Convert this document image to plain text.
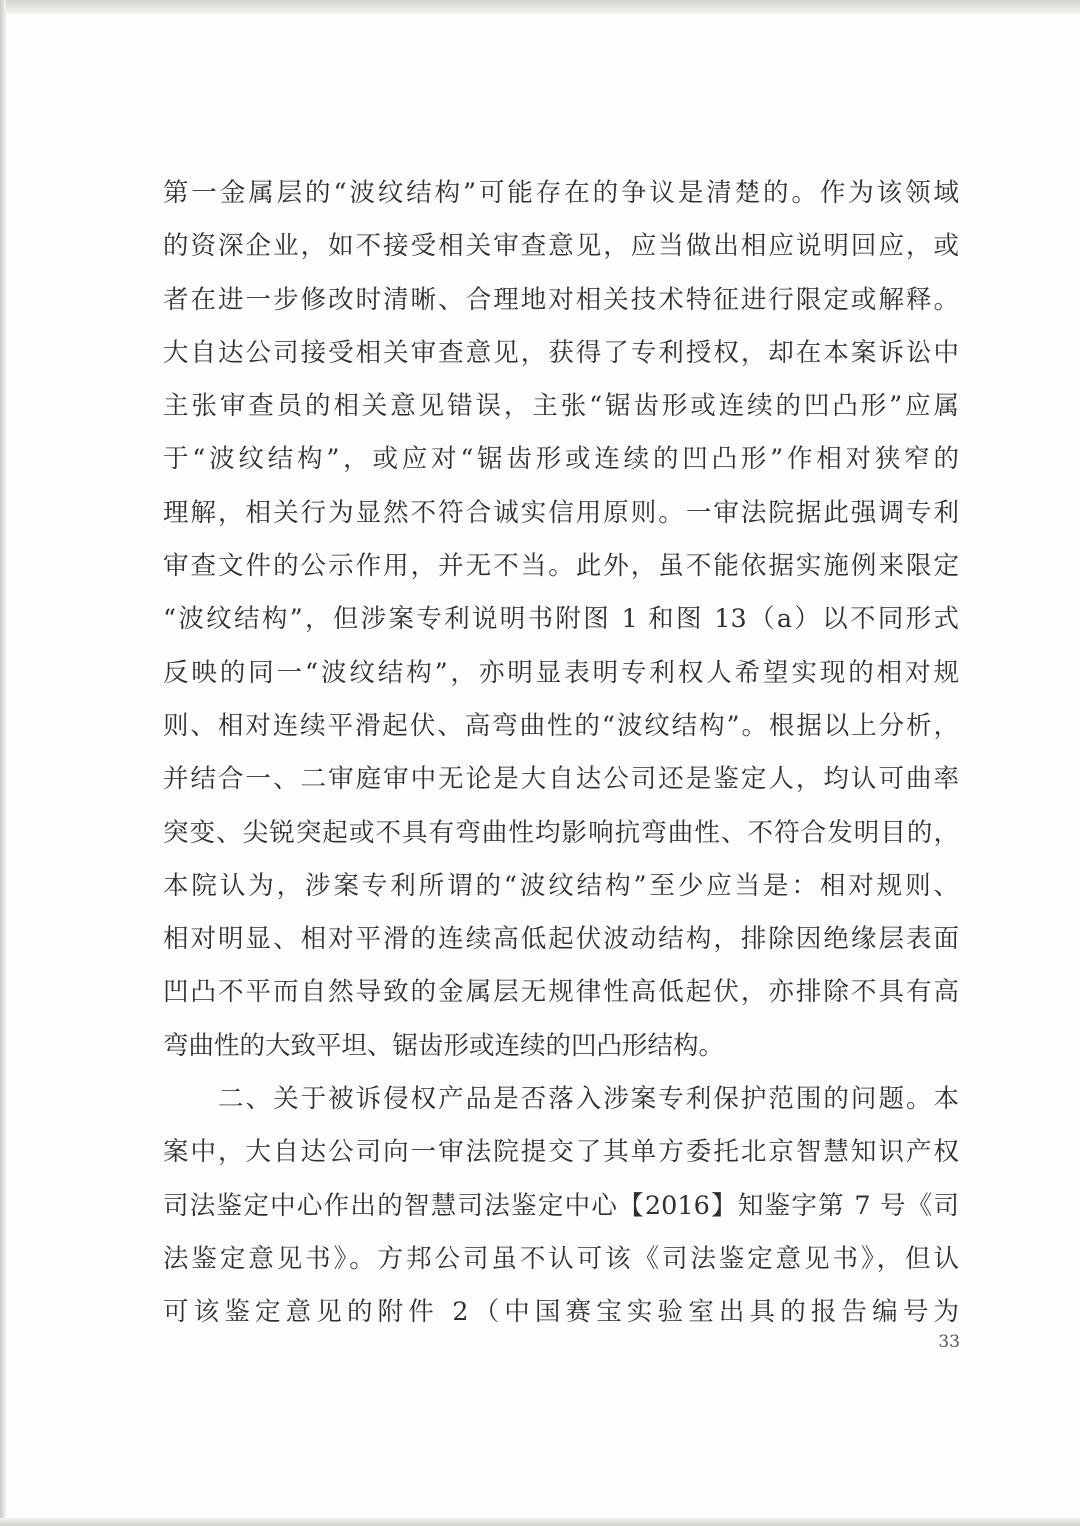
第一金属层的“波纹结构”可能存在的争议是清楚的。作为该领域
的资深企业，如不接受相关审查意见，应当做出相应说明回应，或
者在进一步修改时清晰、合理地对相关技术特征进行限定或解释。
大自达公司接受相关审查意见，获得了专利授权，却在本案诉讼中
主张审查员的相关意见错误，主张“锯齿形或连续的凹凸形”应属
于“波纹结构”，或应对“锯齿形或连续的凹凸形”作相对狭窄的
理解，相关行为显然不符合诚实信用原则。一审法院据此强调专利
审查文件的公示作用，并无不当。此外，虽不能依据实施例来限定
“波纹结构”，但涉案专利说明书附图 1 和图 13（a）以不同形式
反映的同一“波纹结构”，亦明显表明专利权人希望实现的相对规
则、相对连续平滑起伏、高弯曲性的“波纹结构”。根据以上分析，
并结合一、二审庭审中无论是大自达公司还是鉴定人，均认可曲率
突变、尖锐突起或不具有弯曲性均影响抗弯曲性、不符合发明目的，
本院认为，涉案专利所谓的“波纹结构”至少应当是：相对规则、
相对明显、相对平滑的连续高低起伏波动结构，排除因绝缘层表面
凹凸不平而自然导致的金属层无规律性高低起伏，亦排除不具有高
弯曲性的大致平坦、锯齿形或连续的凹凸形结构。
　　二、关于被诉侵权产品是否落入涉案专利保护范围的问题。本
案中，大自达公司向一审法院提交了其单方委托北京智慧知识产权
司法鉴定中心作出的智慧司法鉴定中心【2016】知鉴字第 7 号《司
法鉴定意见书》。方邦公司虽不认可该《司法鉴定意见书》，但认
可该鉴定意见的附件 2（中国赛宝实验室出具的报告编号为
33
